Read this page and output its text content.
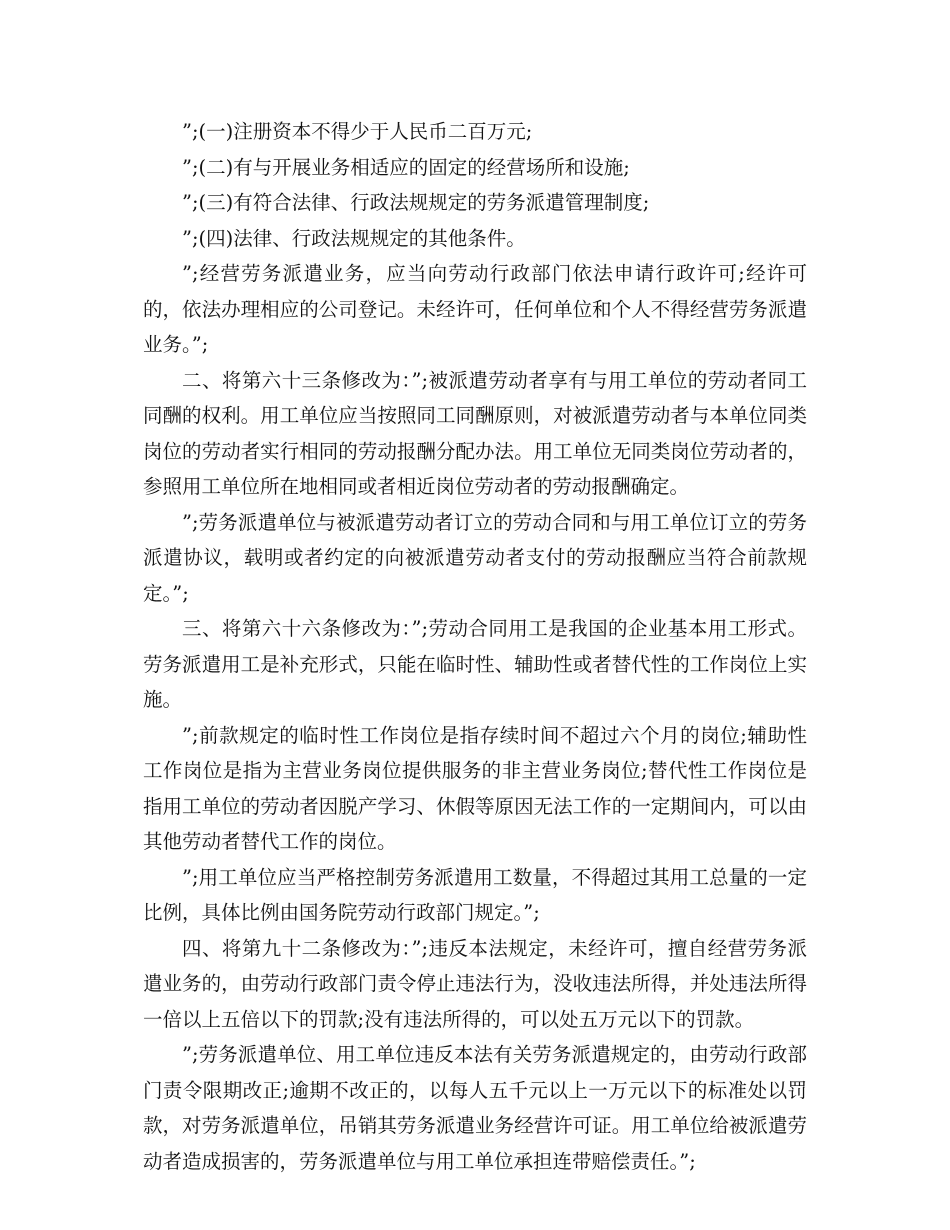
”;(一)注册资本不得少于人民币二百万元;

”;(二)有与开展业务相适应的固定的经营场所和设施;

”;(三)有符合法律、行政法规规定的劳务派遣管理制度;

”;(四)法律、行政法规规定的其他条件。

”;经营劳务派遣业务，应当向劳动行政部门依法申请行政许可;经许可的，依法办理相应的公司登记。未经许可，任何单位和个人不得经营劳务派遣业务。”;

二、将第六十三条修改为：”;被派遣劳动者享有与用工单位的劳动者同工同酬的权利。用工单位应当按照同工同酬原则，对被派遣劳动者与本单位同类岗位的劳动者实行相同的劳动报酬分配办法。用工单位无同类岗位劳动者的，参照用工单位所在地相同或者相近岗位劳动者的劳动报酬确定。

”;劳务派遣单位与被派遣劳动者订立的劳动合同和与用工单位订立的劳务派遣协议，载明或者约定的向被派遣劳动者支付的劳动报酬应当符合前款规定。”;

三、将第六十六条修改为：”;劳动合同用工是我国的企业基本用工形式。劳务派遣用工是补充形式，只能在临时性、辅助性或者替代性的工作岗位上实施。

”;前款规定的临时性工作岗位是指存续时间不超过六个月的岗位;辅助性工作岗位是指为主营业务岗位提供服务的非主营业务岗位;替代性工作岗位是指用工单位的劳动者因脱产学习、休假等原因无法工作的一定期间内，可以由其他劳动者替代工作的岗位。

”;用工单位应当严格控制劳务派遣用工数量，不得超过其用工总量的一定比例，具体比例由国务院劳动行政部门规定。”;

四、将第九十二条修改为：”;违反本法规定，未经许可，擅自经营劳务派遣业务的，由劳动行政部门责令停止违法行为，没收违法所得，并处违法所得一倍以上五倍以下的罚款;没有违法所得的，可以处五万元以下的罚款。

”;劳务派遣单位、用工单位违反本法有关劳务派遣规定的，由劳动行政部门责令限期改正;逾期不改正的，以每人五千元以上一万元以下的标准处以罚款，对劳务派遣单位，吊销其劳务派遣业务经营许可证。用工单位给被派遣劳动者造成损害的，劳务派遣单位与用工单位承担连带赔偿责任。”;
